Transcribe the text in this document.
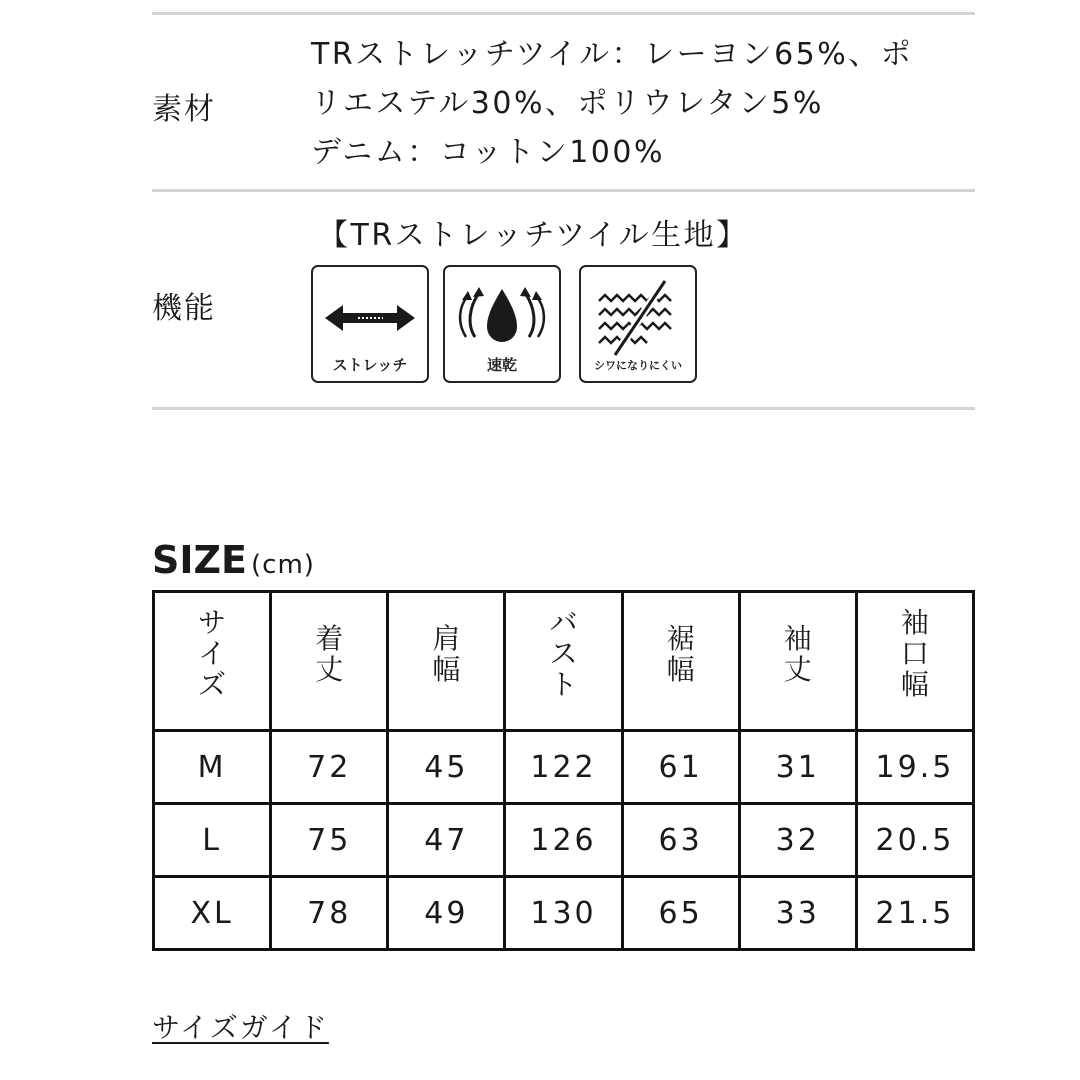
素材
TRストレッチツイル：レーヨン65%、ポ
リエステル30%、ポリウレタン5%
デニム：コットン100%
機能
【TRストレッチツイル生地】
ストレッチ	速乾	シワになりにくい
SIZE (cm)
サイズ	着丈	肩幅	バスト	裾幅	袖丈	袖口幅

M	72	45	122	61	31	19.5
L	75	47	126	63	32	20.5
XL	78	49	130	65	33	21.5
サイズガイド
